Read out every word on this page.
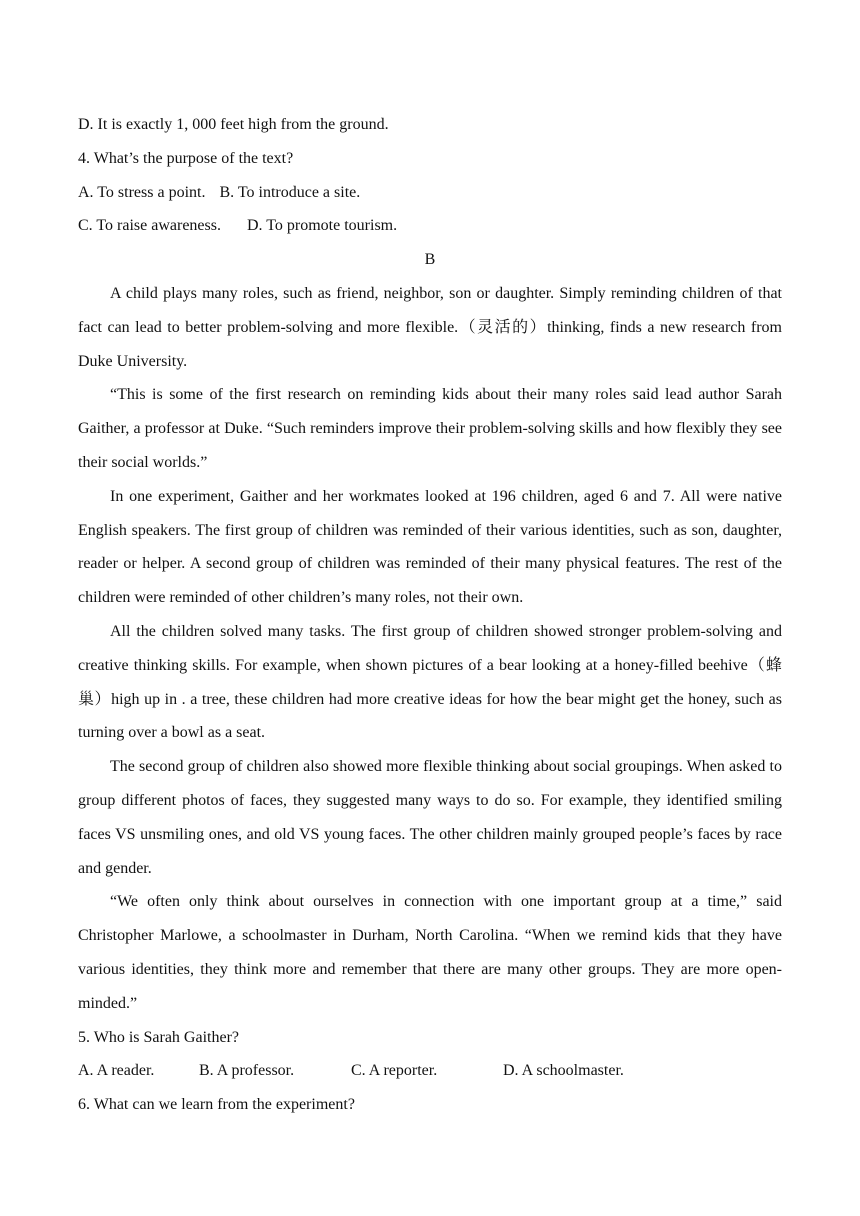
D. It is exactly 1, 000 feet high from the ground.
4. What’s the purpose of the text?
A. To stress a point. B. To introduce a site.
C. To raise awareness. D. To promote tourism.
B

A child plays many roles, such as friend, neighbor, son or daughter. Simply reminding children of that fact can lead to better problem-solving and more flexible.（灵活的）thinking, finds a new research from Duke University.

“This is some of the first research on reminding kids about their many roles said lead author Sarah Gaither, a professor at Duke. “Such reminders improve their problem-solving skills and how flexibly they see their social worlds.”

In one experiment, Gaither and her workmates looked at 196 children, aged 6 and 7. All were native English speakers. The first group of children was reminded of their various identities, such as son, daughter, reader or helper. A second group of children was reminded of their many physical features. The rest of the children were reminded of other children’s many roles, not their own.

All the children solved many tasks. The first group of children showed stronger problem-solving and creative thinking skills. For example, when shown pictures of a bear looking at a honey-filled beehive（蜂巢）high up in . a tree, these children had more creative ideas for how the bear might get the honey, such as turning over a bowl as a seat.

The second group of children also showed more flexible thinking about social groupings. When asked to group different photos of faces, they suggested many ways to do so. For example, they identified smiling faces VS unsmiling ones, and old VS young faces. The other children mainly grouped people’s faces by race and gender.

“We often only think about ourselves in connection with one important group at a time,” said Christopher Marlowe, a schoolmaster in Durham, North Carolina. “When we remind kids that they have various identities, they think more and remember that there are many other groups. They are more open-minded.”

5. Who is Sarah Gaither?
A. A reader.	B. A professor.	C. A reporter.	D. A schoolmaster.
6. What can we learn from the experiment?
